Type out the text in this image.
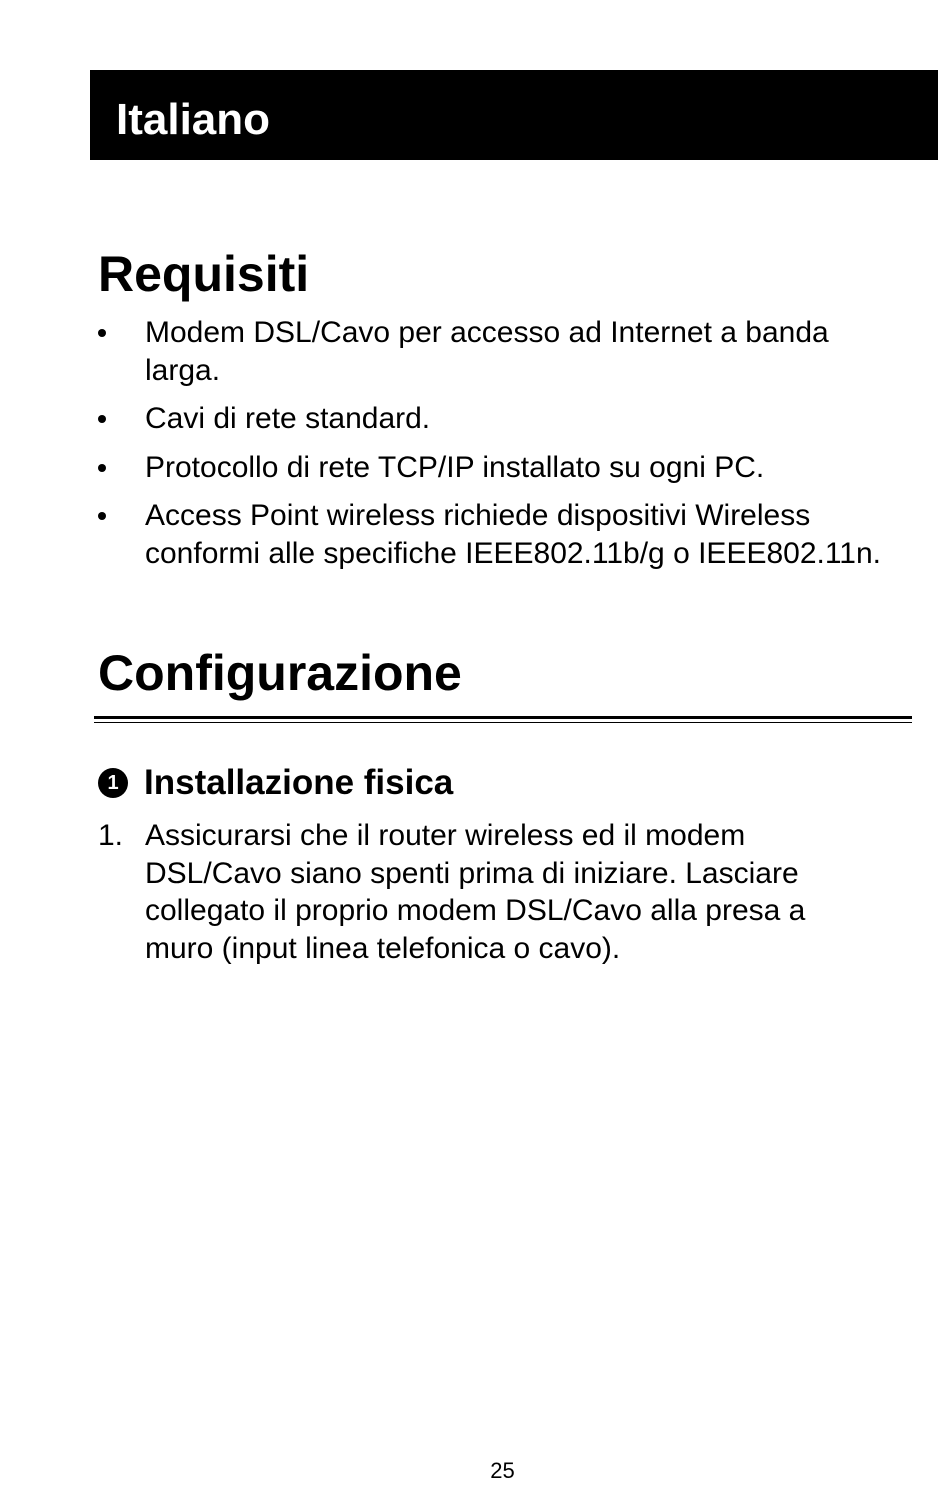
Italiano
Requisiti
Modem DSL/Cavo per accesso ad Internet a banda larga.
Cavi di rete standard.
Protocollo di rete TCP/IP installato su ogni PC.
Access Point wireless richiede dispositivi Wireless conformi alle specifiche IEEE802.11b/g o IEEE802.11n.
Configurazione
1 Installazione fisica
1. Assicurarsi che il router wireless ed il modem DSL/Cavo siano spenti prima di iniziare. Lasciare collegato il proprio modem DSL/Cavo alla presa a muro (input linea telefonica o cavo).
25
